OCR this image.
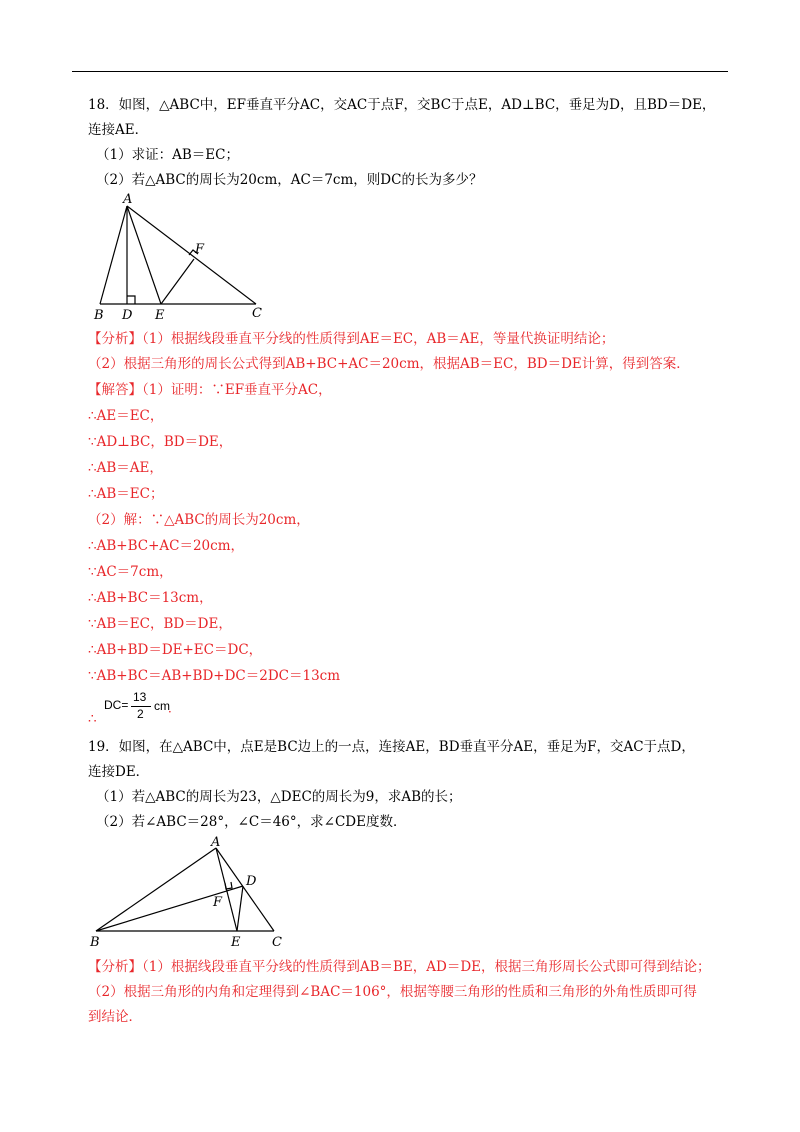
18．如图，△ABC中，EF垂直平分AC，交AC于点F，交BC于点E，AD⊥BC，垂足为D，且BD＝DE，
连接AE．
（1）求证：AB＝EC；
（2）若△ABC的周长为20cm，AC＝7cm，则DC的长为多少？
A
B D E	C
F
【分析】（1）根据线段垂直平分线的性质得到AE＝EC，AB＝AE，等量代换证明结论；
（2）根据三角形的周长公式得到AB+BC+AC＝20cm，根据AB＝EC，BD＝DE计算，得到答案．
【解答】（1）证明：∵EF垂直平分AC，
∴AE＝EC，
∵AD⊥BC，BD＝DE，
∴AB＝AE，
∴AB＝EC；
（2）解：∵△ABC的周长为20cm，
∴AB+BC+AC＝20cm，
∵AC＝7cm，
∴AB+BC＝13cm，
∵AB＝EC，BD＝DE，
∴AB+BD＝DE+EC＝DC，
∵AB+BC＝AB+BD+DC＝2DC＝13cm
∴
DC=
13
2
cm
．
19．如图，在△ABC中，点E是BC边上的一点，连接AE，BD垂直平分AE，垂足为F，交AC于点D，
连接DE．
（1）若△ABC的周长为23，△DEC的周长为9，求AB的长；
（2）若∠ABC＝28°，∠C＝46°，求∠CDE度数．
A
B	E C
D
F
【分析】（1）根据线段垂直平分线的性质得到AB＝BE，AD＝DE，根据三角形周长公式即可得到结论；
（2）根据三角形的内角和定理得到∠BAC＝106°，根据等腰三角形的性质和三角形的外角性质即可得
到结论．
